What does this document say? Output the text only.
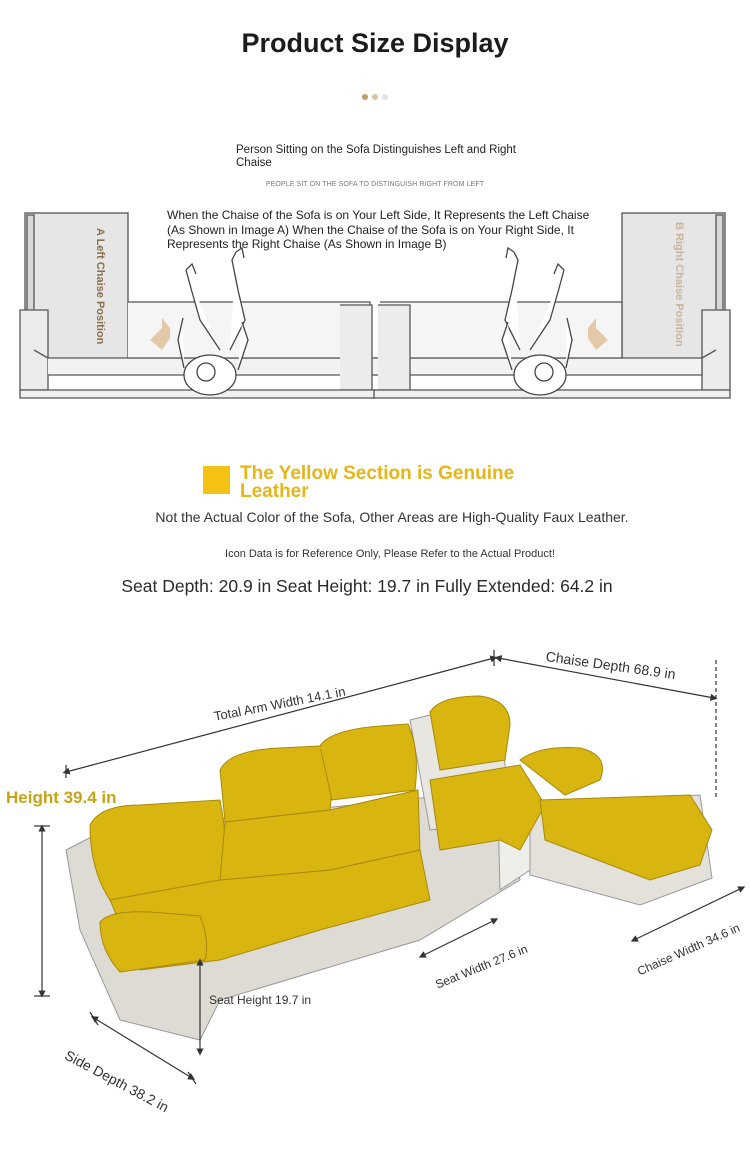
Product Size Display
Person Sitting on the Sofa Distinguishes Left and Right Chaise
PEOPLE SIT ON THE SOFA TO DISTINGUISH RIGHT FROM LEFT
A Left Chaise Position	B Right Chaise Position
When the Chaise of the Sofa is on Your Left Side, It Represents the Left Chaise (As Shown in Image A) When the Chaise of the Sofa is on Your Right Side, It Represents the Right Chaise (As Shown in Image B)
The Yellow Section is Genuine Leather
Not the Actual Color of the Sofa, Other Areas are High-Quality Faux Leather.
Icon Data is for Reference Only, Please Refer to the Actual Product!
Seat Depth: 20.9 in Seat Height: 19.7 in Fully Extended: 64.2 in
Total Arm Width 14.1 in
Storage Arm 12.9 in
Chaise Depth 68.9 in
Height 39.4 in
Seat Width 27.6 in	Chaise Width 34.6 in
Seat Height 19.7 in
Side Depth 38.2 in
